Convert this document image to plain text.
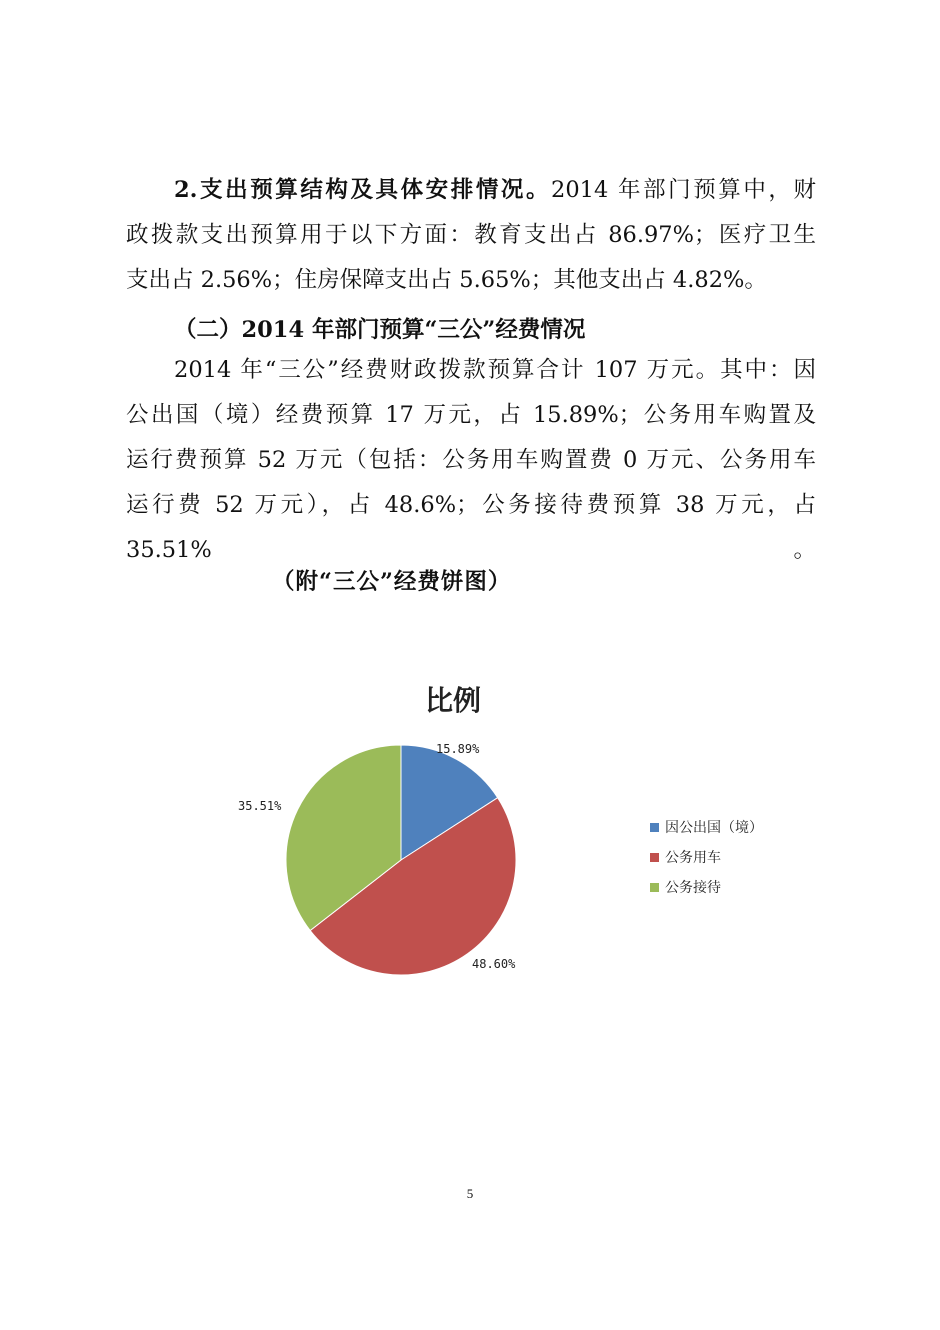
2.支出预算结构及具体安排情况。2014 年部门预算中，财

政拨款支出预算用于以下方面：教育支出占 86.97%；医疗卫生

支出占 2.56%；住房保障支出占 5.65%；其他支出占 4.82%。

（二）2014 年部门预算“三公”经费情况

2014 年“三公”经费财政拨款预算合计 107 万元。其中：因

公出国（境）经费预算 17 万元，占 15.89%；公务用车购置及

运行费预算 52 万元（包括：公务用车购置费 0 万元、公务用车

运行费 52 万元），占 48.6%；公务接待费预算 38 万元，占 35.51%。

（附“三公”经费饼图）

比例
15.89%
48.60%
35.51%
因公出国（境）
公务用车
公务接待
5
